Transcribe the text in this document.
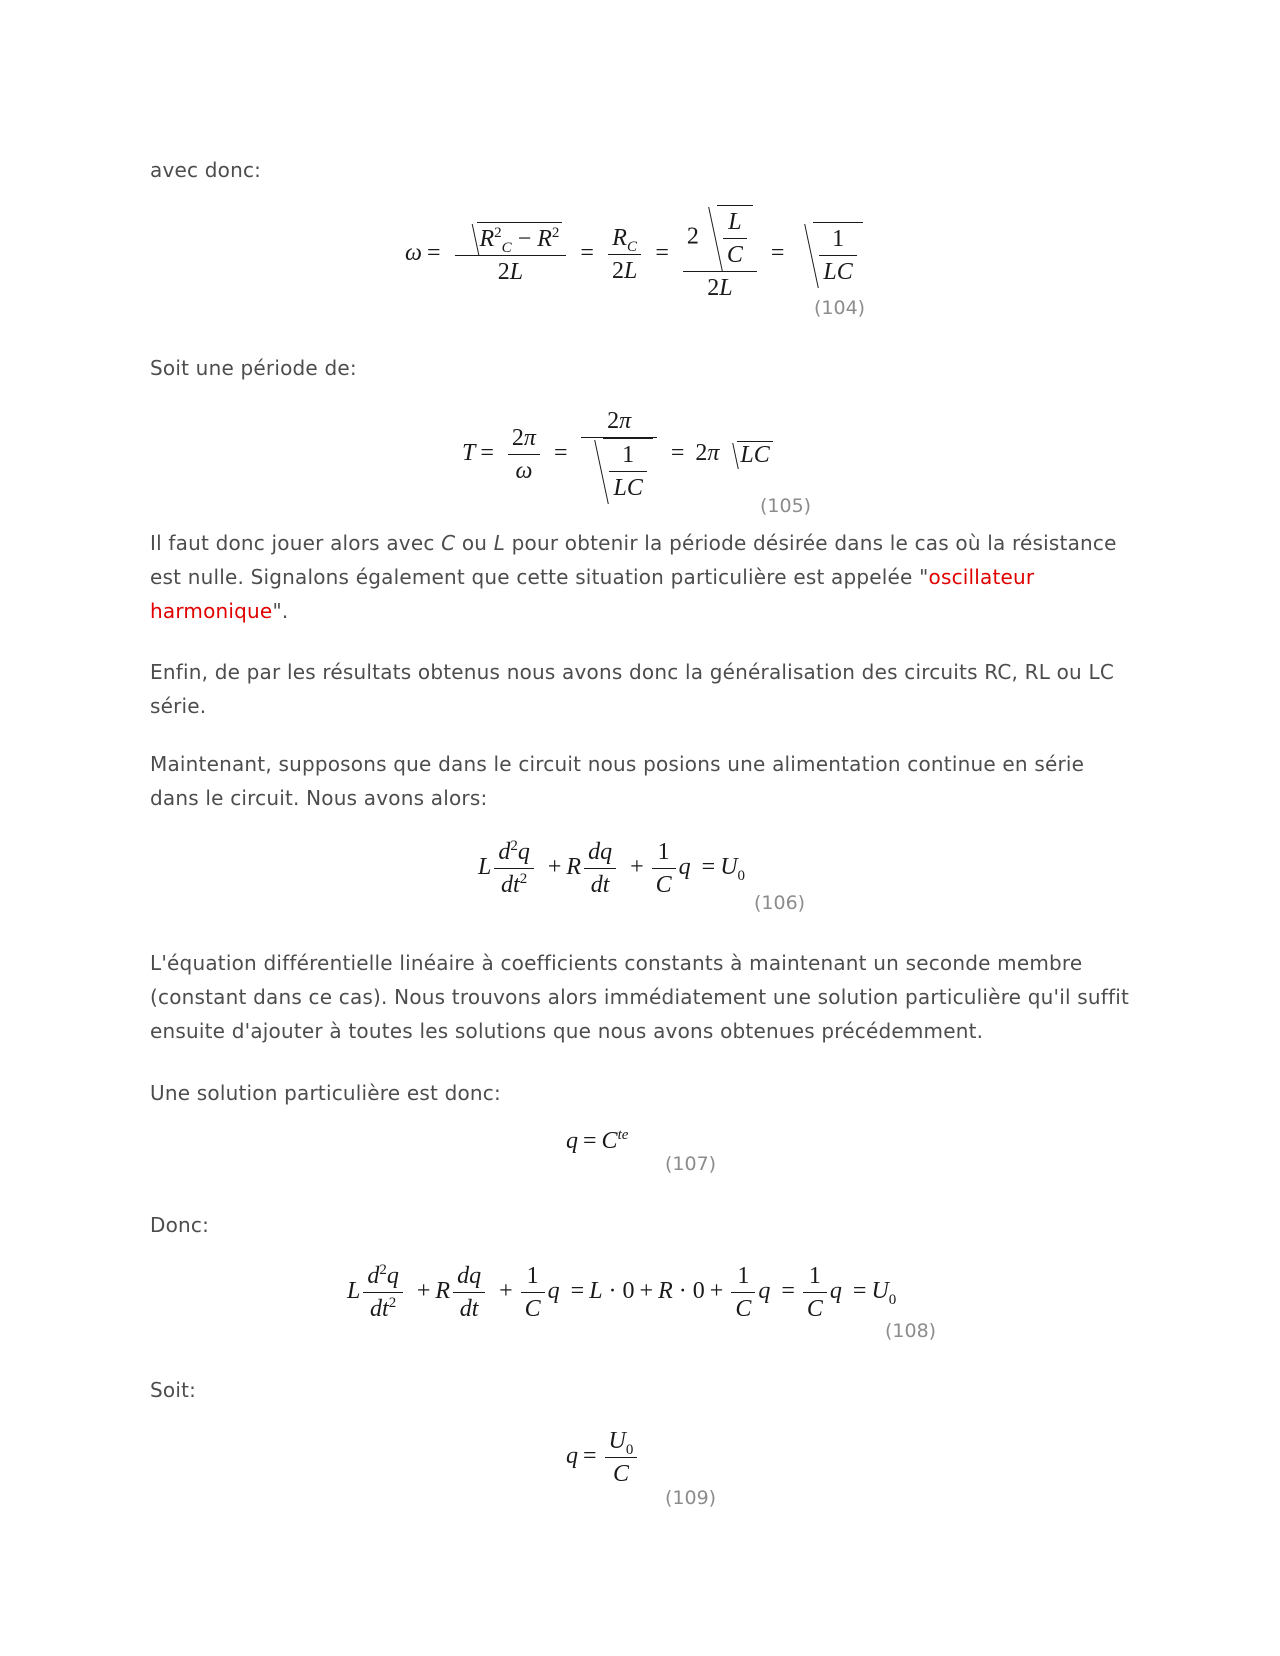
avec donc:

$\omega = \frac{R^2_C - R^2}{2L} = \frac{R_C}{2L} = \frac{2 \frac{L}{C}}{2L} = \frac{1}{LC}$
(104)

Soit une période de:

$T = \frac{2\pi}{\omega} = \frac{2\pi}{\frac{1}{LC}} = 2\pi$ LC
(105)

Il faut donc jouer alors avec C ou L pour obtenir la période désirée dans le cas où la résistance est nulle. Signalons également que cette situation particulière est appelée "oscillateur harmonique".

Enfin, de par les résultats obtenus nous avons donc la généralisation des circuits RC, RL ou LC série.

Maintenant, supposons que dans le circuit nous posions une alimentation continue en série dans le circuit. Nous avons alors:

L $\frac{d^2q}{dt^2} + R \frac{dq}{dt} + \frac{1}{C}$ $q = U_0$
(106)

L'équation différentielle linéaire à coefficients constants à maintenant un seconde membre (constant dans ce cas). Nous trouvons alors immédiatement une solution particulière qu'il suffit ensuite d'ajouter à toutes les solutions que nous avons obtenues précédemment.

Une solution particulière est donc:

$q = C^{te}$
(107)

Donc:

L $\frac{d^2q}{dt^2} + R \frac{dq}{dt} + \frac{1}{C}$ $q = L \cdot 0 + R \cdot 0 + \frac{1}{C}$ $q = \frac{1}{C}$ $q = U_0$
(108)

Soit:

$q = \frac{U_0}{C}$
(109)
